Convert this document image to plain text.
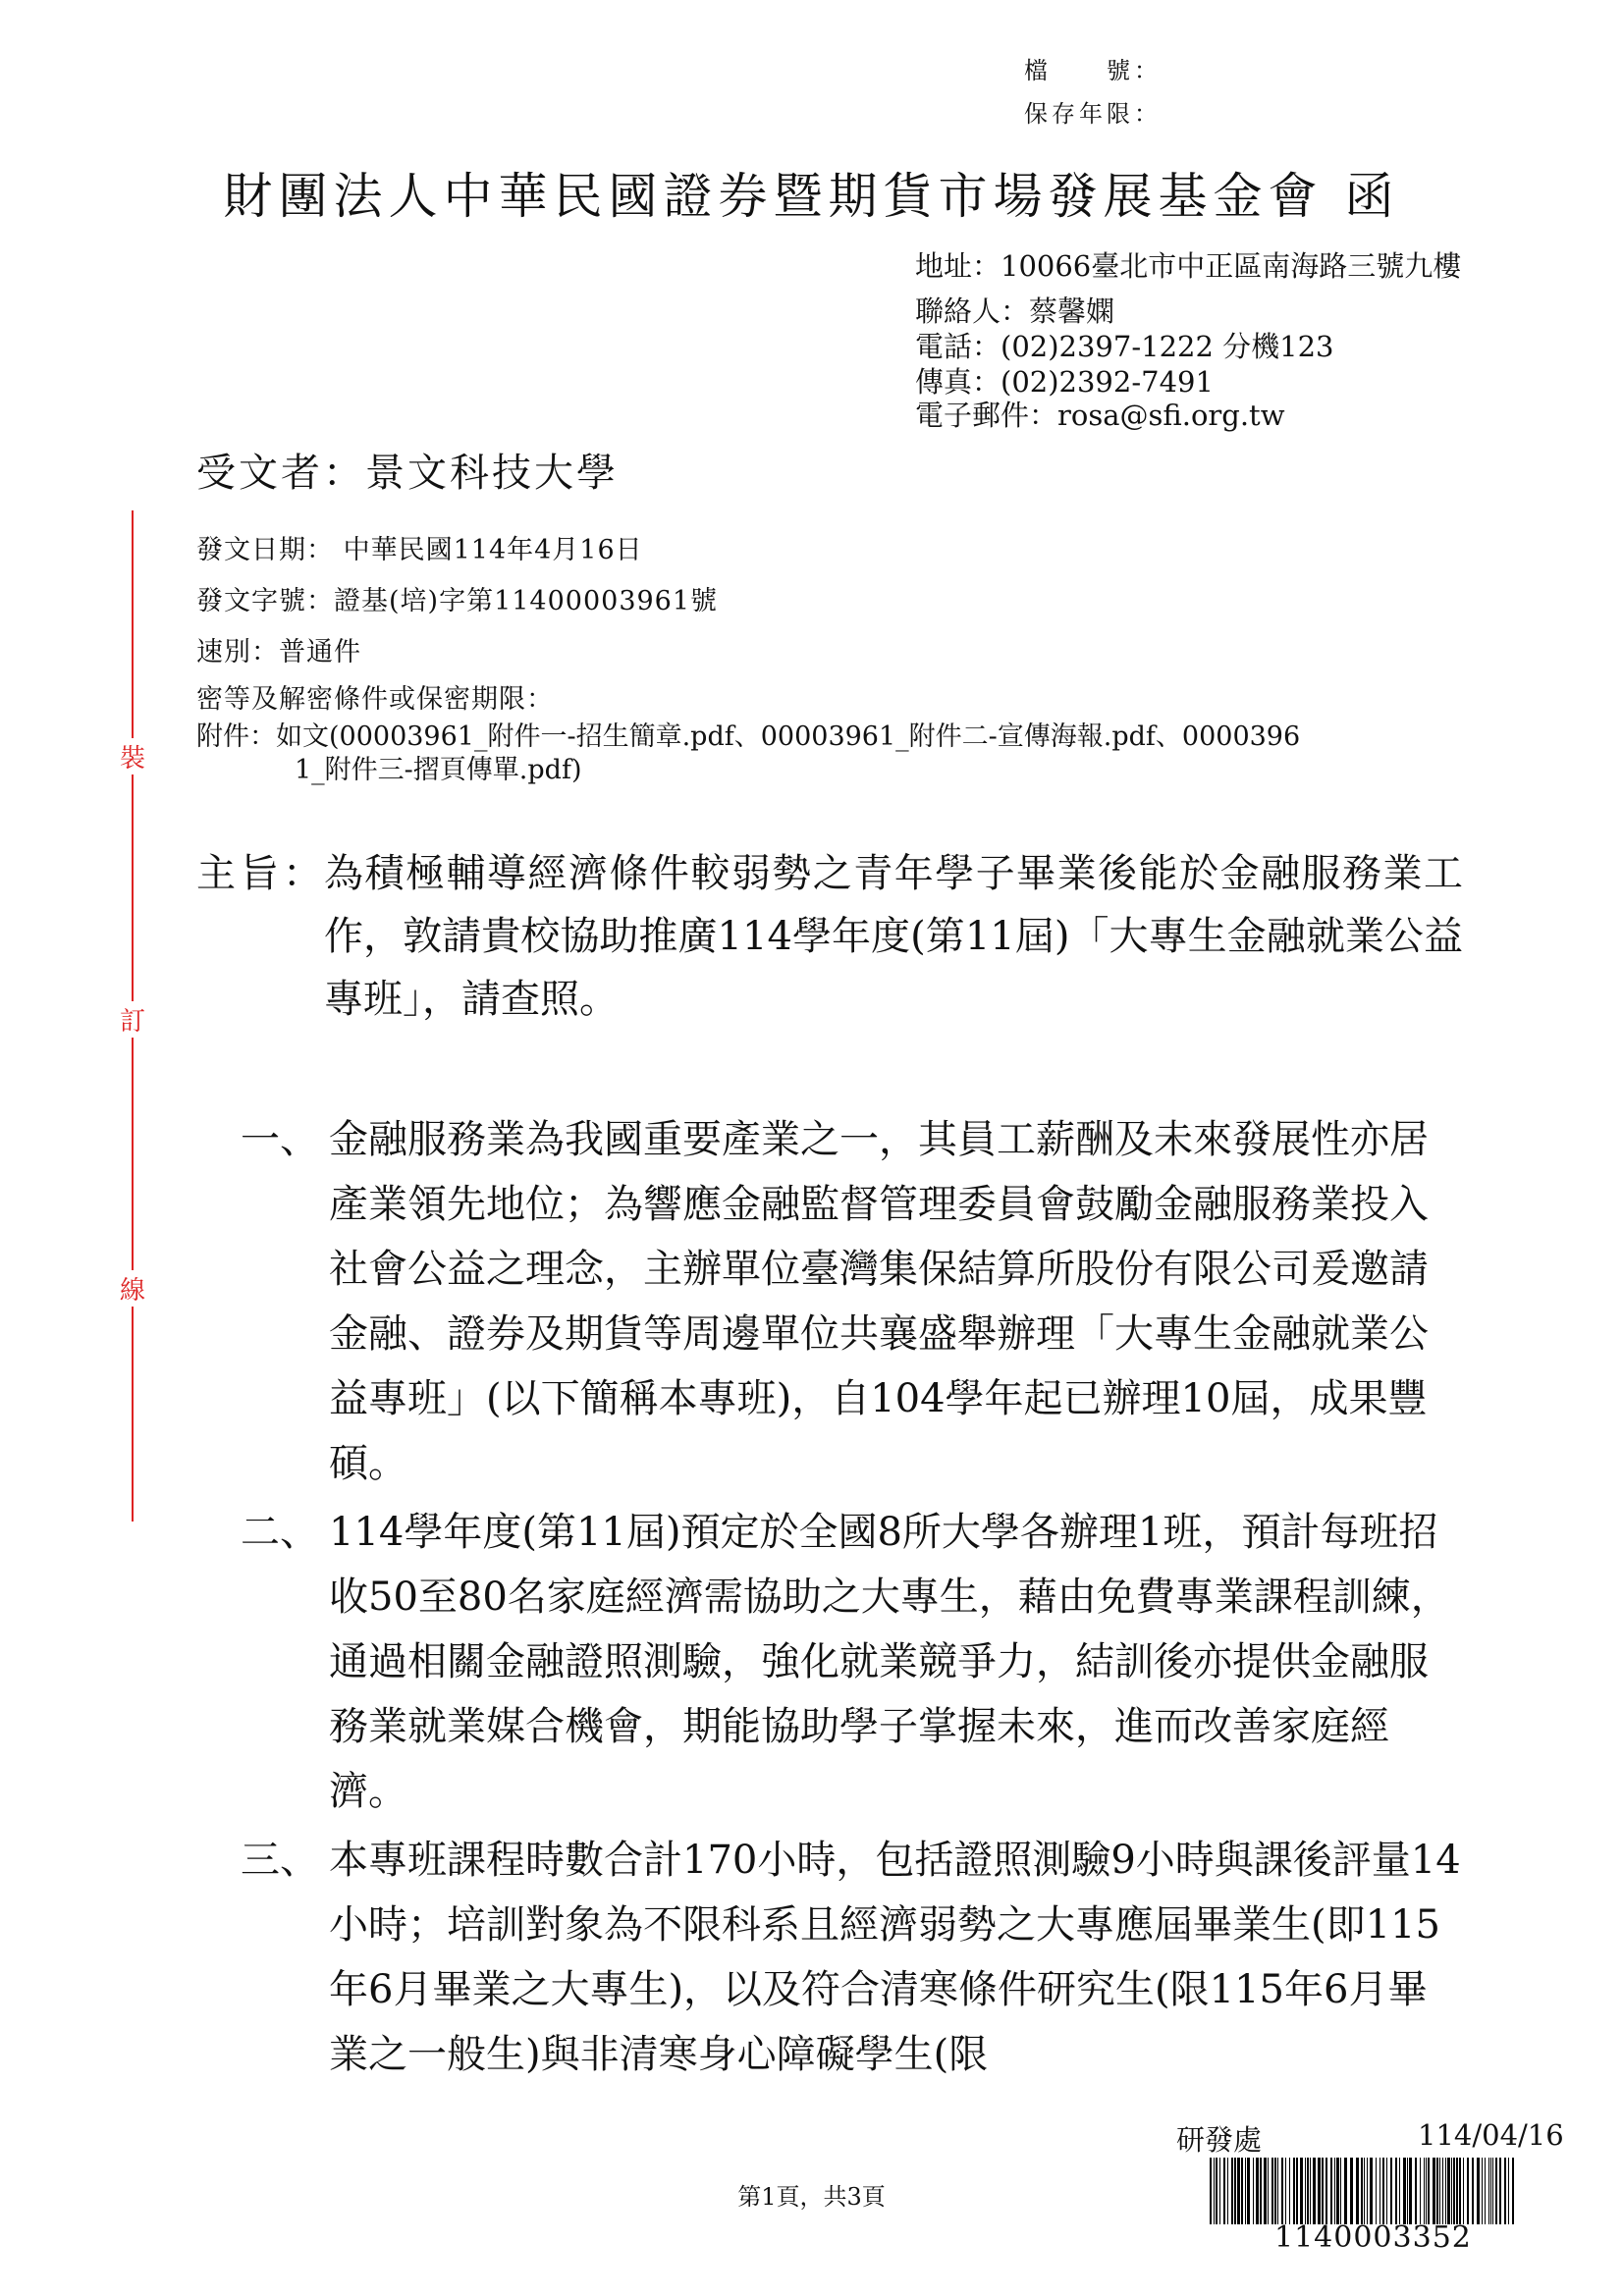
檔　　號：
保存年限：
財團法人中華民國證券暨期貨市場發展基金會 函
地址：10066臺北市中正區南海路三號九樓
聯絡人：蔡馨嫻
電話：(02)2397-1222 分機123
傳真：(02)2392-7491
電子郵件：rosa@sfi.org.tw
受文者：景文科技大學
發文日期： 中華民國114年4月16日
發文字號：證基(培)字第11400003961號
速別：普通件
密等及解密條件或保密期限：
附件：如文(00003961_附件一-招生簡章.pdf、00003961_附件二-宣傳海報.pdf、0000396
1_附件三-摺頁傳單.pdf)
主旨：
為積極輔導經濟條件較弱勢之青年學子畢業後能於金融服務業工作，敦請貴校協助推廣114學年度(第11屆)「大專生金融就業公益專班」，請查照。
一、 金融服務業為我國重要產業之一，其員工薪酬及未來發展性亦居產業領先地位；為響應金融監督管理委員會鼓勵金融服務業投入社會公益之理念，主辦單位臺灣集保結算所股份有限公司爰邀請金融、證券及期貨等周邊單位共襄盛舉辦理「大專生金融就業公益專班」(以下簡稱本專班)，自104學年起已辦理10屆，成果豐碩。
二、 114學年度(第11屆)預定於全國8所大學各辦理1班，預計每班招收50至80名家庭經濟需協助之大專生，藉由免費專業課程訓練，通過相關金融證照測驗，強化就業競爭力，結訓後亦提供金融服務業就業媒合機會，期能協助學子掌握未來，進而改善家庭經濟。
三、 本專班課程時數合計170小時，包括證照測驗9小時與課後評量14小時；培訓對象為不限科系且經濟弱勢之大專應屆畢業生(即115年6月畢業之大專生)，以及符合清寒條件研究生(限115年6月畢業之一般生)與非清寒身心障礙學生(限
裝
訂
線
第1頁，共3頁
研發處	114/04/16
1140003352
